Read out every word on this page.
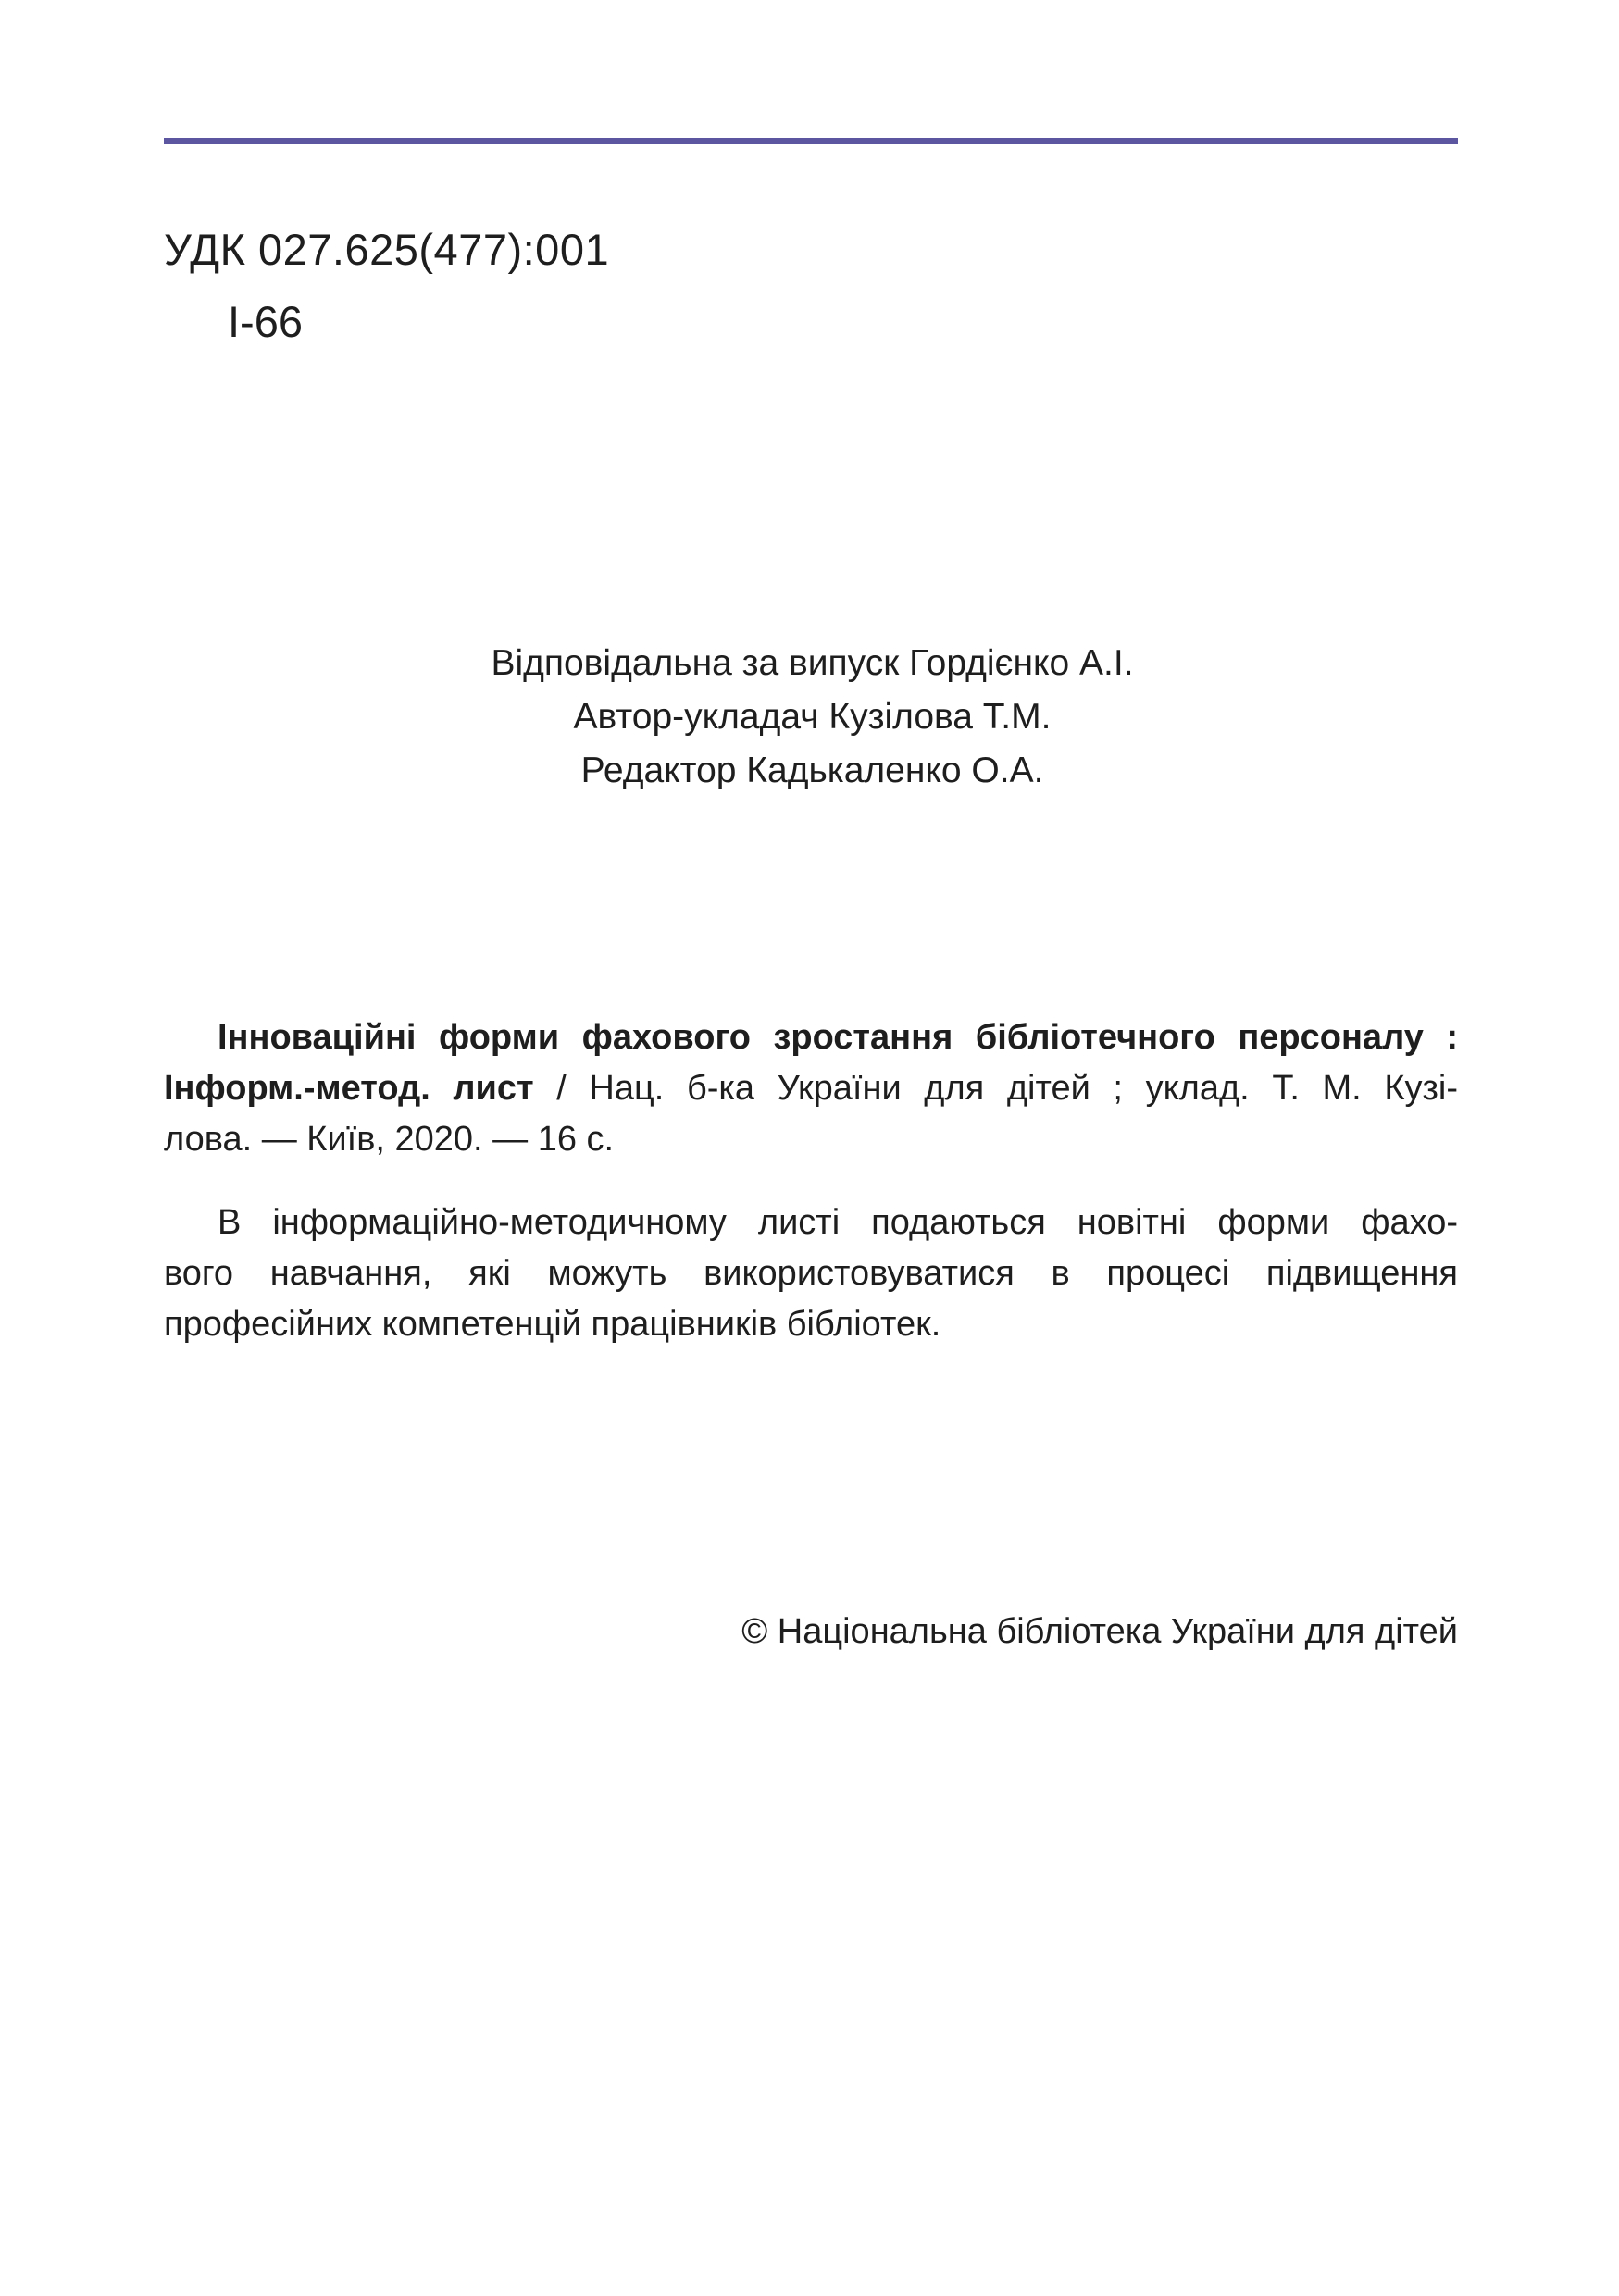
УДК 027.625(477):001
І-66
Відповідальна за випуск Гордієнко А.І.
Автор-укладач Кузілова Т.М.
Редактор Кадькаленко О.А.
Інноваційні форми фахового зростання бібліотечного персоналу :
Інформ.-метод. лист / Нац. б-ка України для дітей ; уклад. Т. М. Кузі-
лова. — Київ, 2020. — 16 с.
В інформаційно-методичному листі подаються новітні форми фахо-
вого навчання, які можуть використовуватися в процесі підвищення
професійних компетенцій працівників бібліотек.
© Національна бібліотека України для дітей
